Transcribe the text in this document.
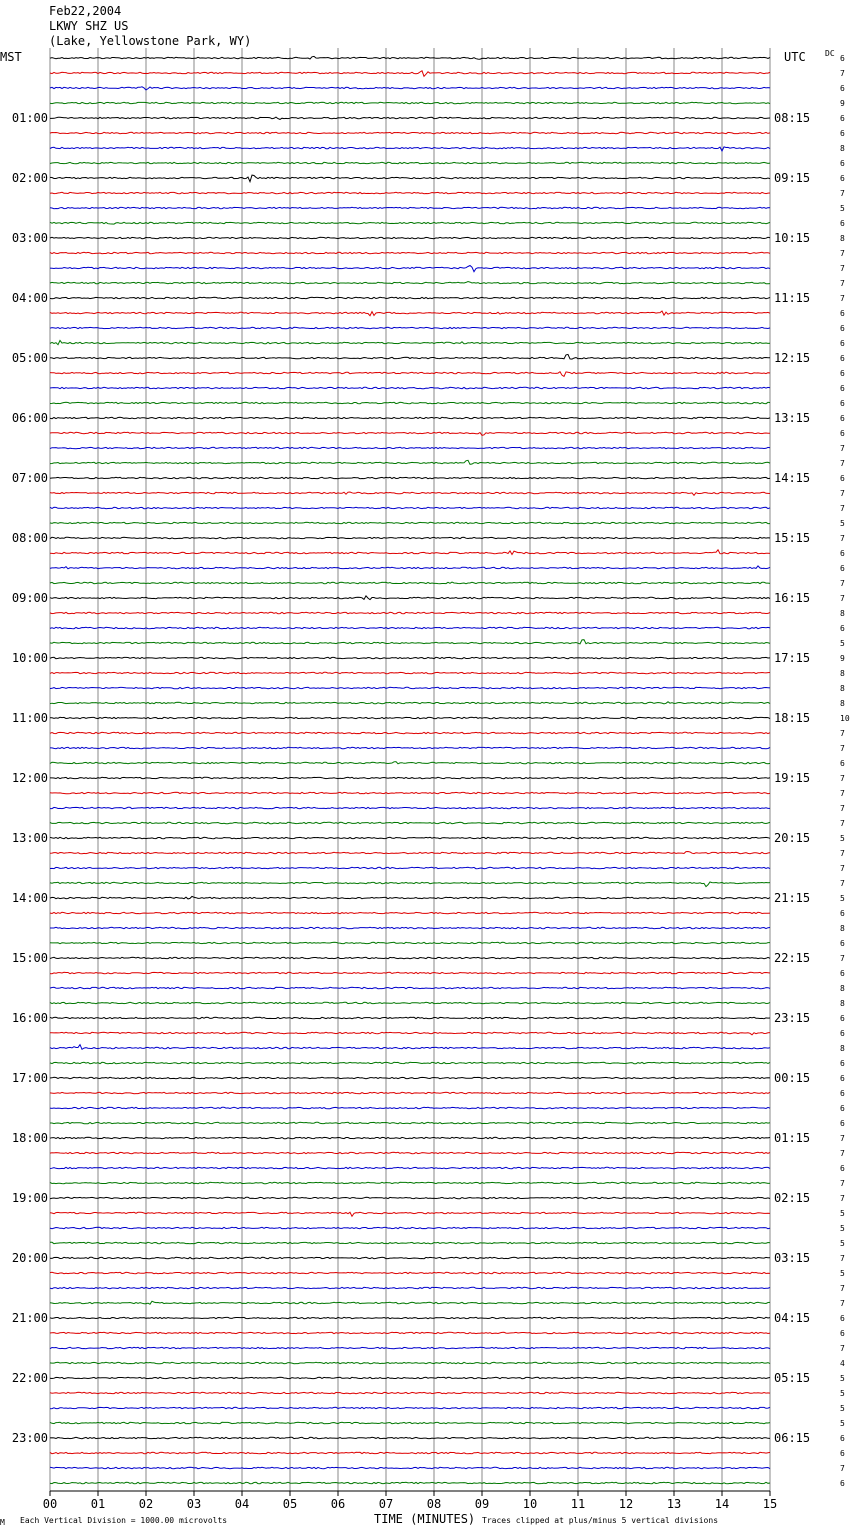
Feb22,2004
LKWY SHZ US
(Lake, Yellowstone Park, WY)
MST	UTC DC
6
7
6
9
6
6
8
6
6
7
5
6
8
7
7
7
7
6
6
6
6
6
6
6
6
6
7
7
6
7
7
5
7
6
6
7
7
8
6
5
9
8
8
8
10
7
7
6
7
7
7
7
5
7
7
7
5
6
8
6
7
6
8
8
6
6
8
6
6
6
6
6
7
7
6
7
7
5
5
5
7
5
7
7
6
6
7
4
5
5
5
5
6
6
7
6
01:00	08:15
02:00	09:15
03:00	10:15
04:00	11:15
05:00	12:15
06:00	13:15
07:00	14:15
08:00	15:15
09:00	16:15
10:00	17:15
11:00	18:15
12:00	19:15
13:00	20:15
14:00	21:15
15:00	22:15
16:00	23:15
17:00	00:15
18:00	01:15
19:00	02:15
20:00	03:15
21:00	04:15
22:00	05:15
23:00	06:15
00	01	02	03	04	05	06	07	08	09	10	11	12	13	14	15
M Each Vertical Division = 1000.00 microvolts	TIME (MINUTES) Traces clipped at plus/minus 5 vertical divisions
